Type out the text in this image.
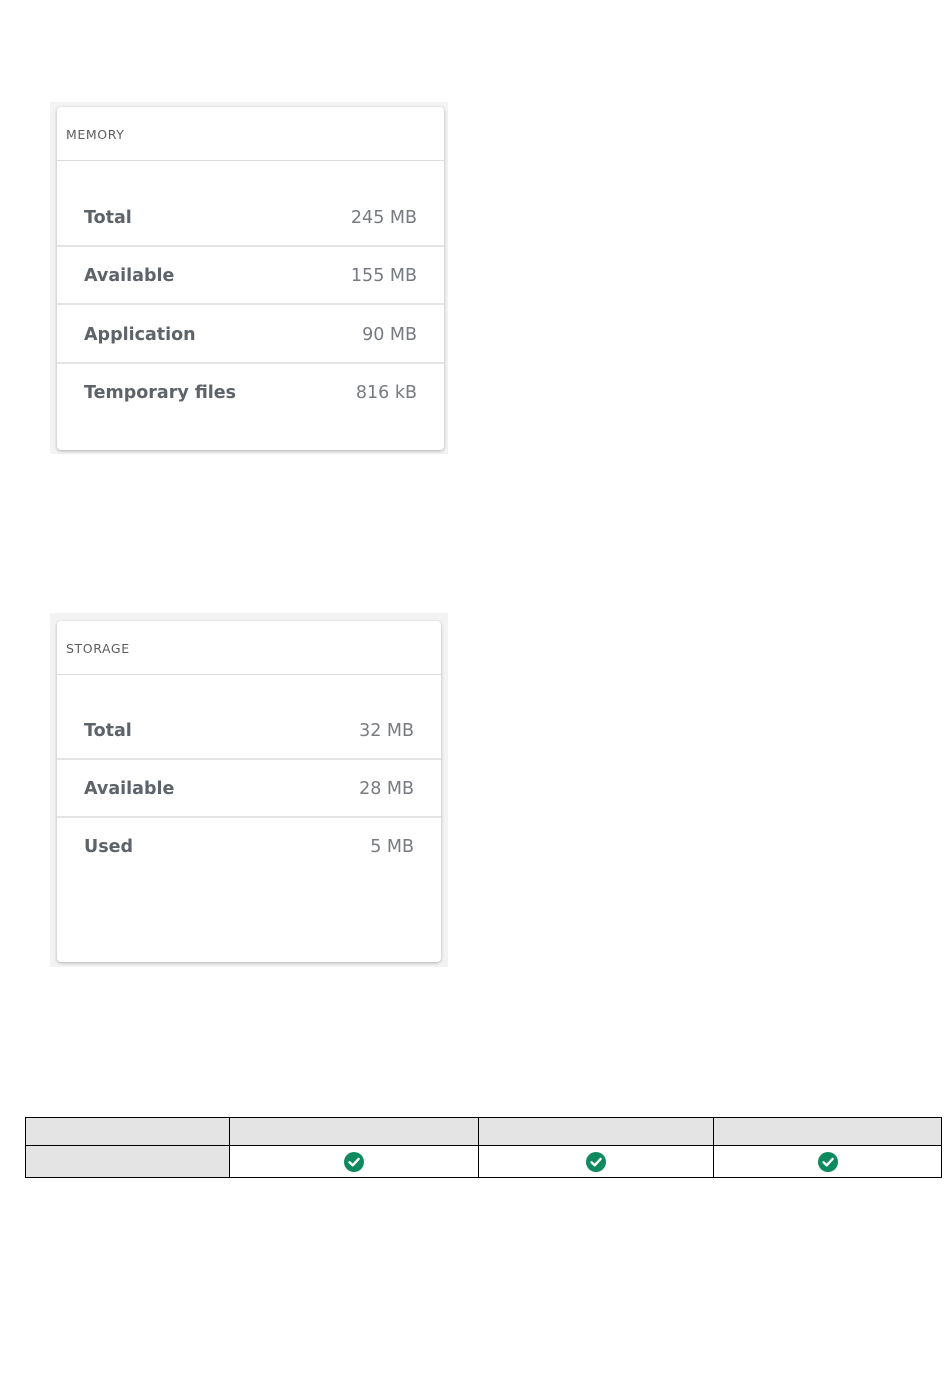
MEMORY
Total	245 MB
Available	155 MB
Application	90 MB
Temporary files	816 kB
STORAGE
Total	32 MB
Available	28 MB
Used	5 MB
